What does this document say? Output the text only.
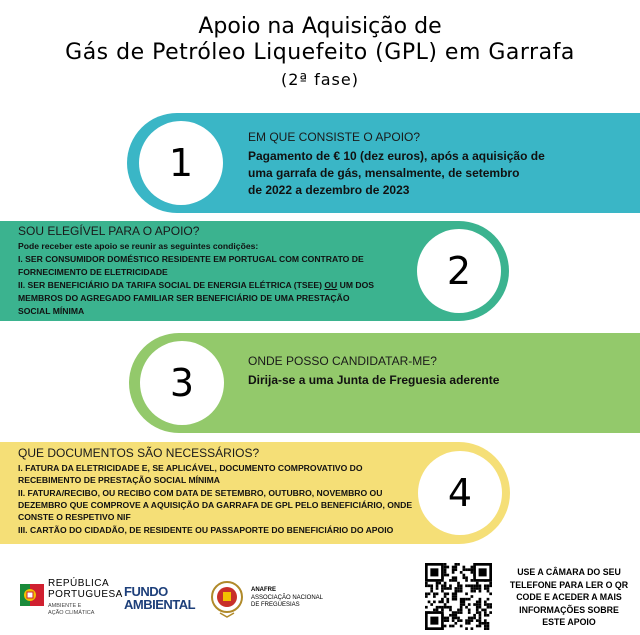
Apoio na Aquisição de
Gás de Petróleo Liquefeito (GPL) em Garrafa
(2ª fase)
1
EM QUE CONSISTE O APOIO?
Pagamento de € 10 (dez euros), após a aquisição de
uma garrafa de gás, mensalmente, de setembro
de 2022 a dezembro de 2023
2
SOU ELEGÍVEL PARA O APOIO?
Pode receber este apoio se reunir as seguintes condições:
I. SER CONSUMIDOR DOMÉSTICO RESIDENTE EM PORTUGAL COM CONTRATO DE
FORNECIMENTO DE ELETRICIDADE
II. SER BENEFICIÁRIO DA TARIFA SOCIAL DE ENERGIA ELÉTRICA (TSEE) OU UM DOS
MEMBROS DO AGREGADO FAMILIAR SER BENEFICIÁRIO DE UMA PRESTAÇÃO
SOCIAL MÍNIMA
3	ONDE POSSO CANDIDATAR-ME?
Dirija-se a uma Junta de Freguesia aderente
4
QUE DOCUMENTOS SÃO NECESSÁRIOS?
I. FATURA DA ELETRICIDADE E, SE APLICÁVEL, DOCUMENTO COMPROVATIVO DO
RECEBIMENTO DE PRESTAÇÃO SOCIAL MÍNIMA
II. FATURA/RECIBO, OU RECIBO COM DATA DE SETEMBRO, OUTUBRO, NOVEMBRO OU
DEZEMBRO QUE COMPROVE A AQUISIÇÃO DA GARRAFA DE GPL PELO BENEFICIÁRIO, ONDE
CONSTE O RESPETIVO NIF
III. CARTÃO DO CIDADÃO, DE RESIDENTE OU PASSAPORTE DO BENEFICIÁRIO DO APOIO
REPÚBLICA
PORTUGUESA
AMBIENTE E
AÇÃO CLIMÁTICA
FUNDO
AMBIENTAL
ANAFRE
ASSOCIAÇÃO NACIONAL
DE FREGUESIAS
USE A CÂMARA DO SEU
TELEFONE PARA LER O QR
CODE E ACEDER A MAIS
INFORMAÇÕES SOBRE
ESTE APOIO
